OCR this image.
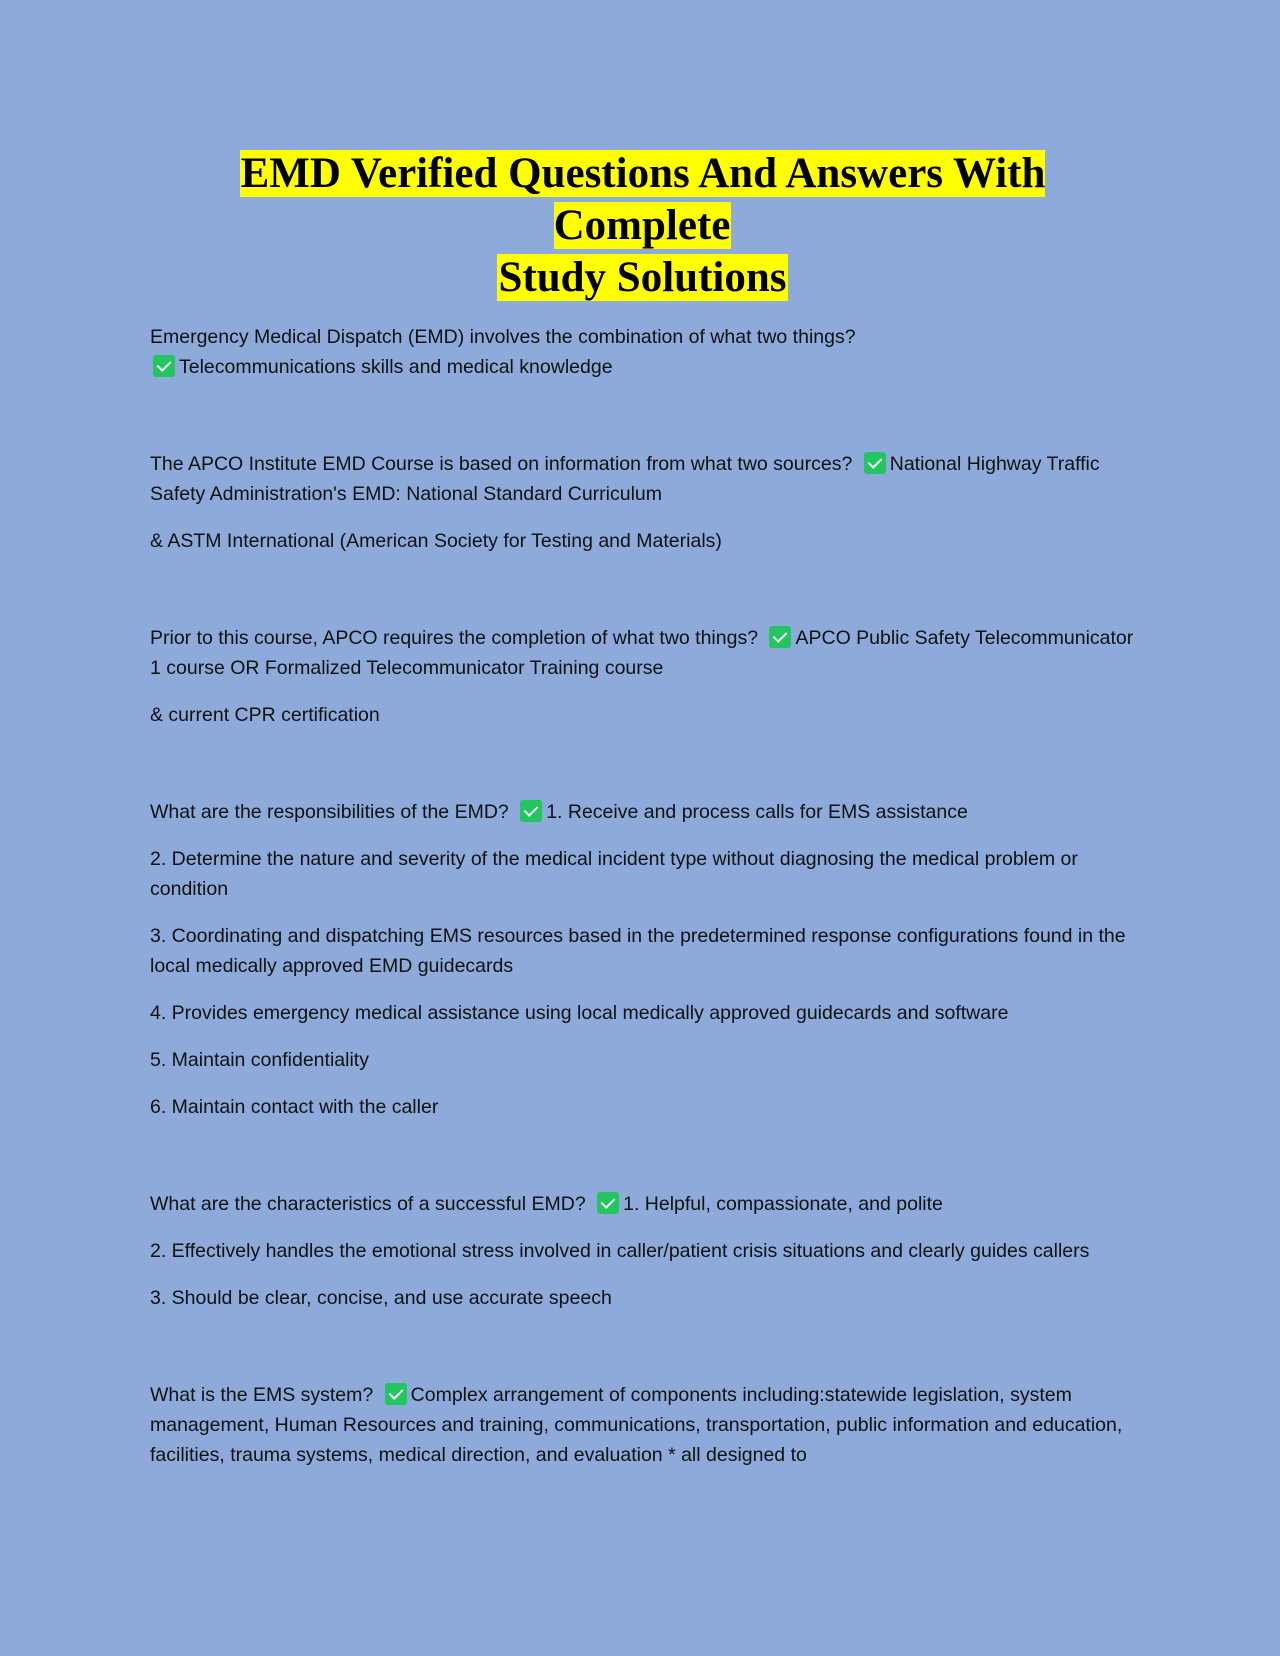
EMD Verified Questions And Answers With Complete
Study Solutions

Emergency Medical Dispatch (EMD) involves the combination of what two things?
Telecommunications skills and medical knowledge

The APCO Institute EMD Course is based on information from what two sources? National Highway Traffic Safety Administration's EMD: National Standard Curriculum

& ASTM International (American Society for Testing and Materials)

Prior to this course, APCO requires the completion of what two things? APCO Public Safety Telecommunicator 1 course OR Formalized Telecommunicator Training course

& current CPR certification

What are the responsibilities of the EMD? 1. Receive and process calls for EMS assistance

2. Determine the nature and severity of the medical incident type without diagnosing the medical problem or condition

3. Coordinating and dispatching EMS resources based in the predetermined response configurations found in the local medically approved EMD guidecards

4. Provides emergency medical assistance using local medically approved guidecards and software

5. Maintain confidentiality

6. Maintain contact with the caller

What are the characteristics of a successful EMD? 1. Helpful, compassionate, and polite

2. Effectively handles the emotional stress involved in caller/patient crisis situations and clearly guides callers

3. Should be clear, concise, and use accurate speech

What is the EMS system? Complex arrangement of components including:statewide legislation, system management, Human Resources and training, communications, transportation, public information and education, facilities, trauma systems, medical direction, and evaluation * all designed to
